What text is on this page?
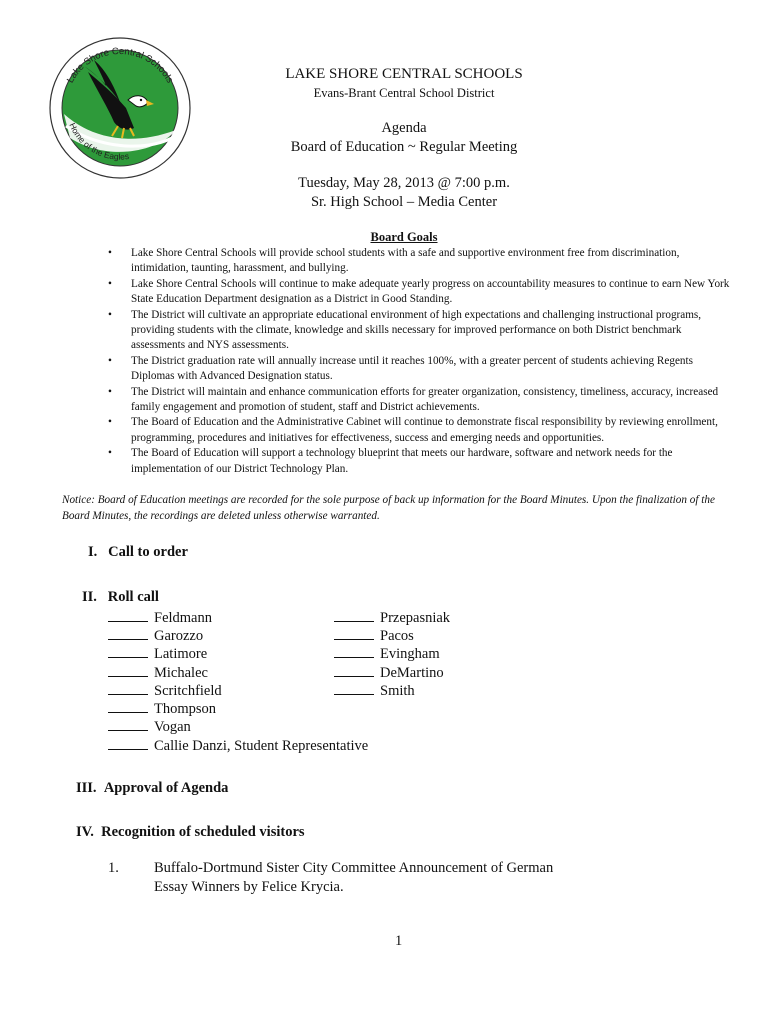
Lake Shore Central Schools
Home of the Eagles
LAKE SHORE CENTRAL SCHOOLS
Evans-Brant Central School District
Agenda
Board of Education ~ Regular Meeting
Tuesday, May 28, 2013 @ 7:00 p.m.
Sr. High School – Media Center
Board Goals
• Lake Shore Central Schools will provide school students with a safe and supportive environment free from discrimination, intimidation, taunting, harassment, and bullying.
• Lake Shore Central Schools will continue to make adequate yearly progress on accountability measures to continue to earn New York State Education Department designation as a District in Good Standing.
• The District will cultivate an appropriate educational environment of high expectations and challenging instructional programs, providing students with the climate, knowledge and skills necessary for improved performance on both District benchmark assessments and NYS assessments.
• The District graduation rate will annually increase until it reaches 100%, with a greater percent of students achieving Regents Diplomas with Advanced Designation status.
• The District will maintain and enhance communication efforts for greater organization, consistency, timeliness, accuracy, increased family engagement and promotion of student, staff and District achievements.
• The Board of Education and the Administrative Cabinet will continue to demonstrate fiscal responsibility by reviewing enrollment, programming, procedures and initiatives for effectiveness, success and emerging needs and opportunities.
• The Board of Education will support a technology blueprint that meets our hardware, software and network needs for the implementation of our District Technology Plan.
Notice: Board of Education meetings are recorded for the sole purpose of back up information for the Board Minutes. Upon the finalization of the Board Minutes, the recordings are deleted unless otherwise warranted.
I. Call to order
II. Roll call
Feldmann
Garozzo
Latimore
Michalec
Scritchfield
Thompson
Vogan
Callie Danzi, Student Representative
Przepasniak
Pacos
Evingham
DeMartino
Smith
III. Approval of Agenda
IV. Recognition of scheduled visitors
1. Buffalo-Dortmund Sister City Committee Announcement of German
Essay Winners by Felice Krycia.
1
